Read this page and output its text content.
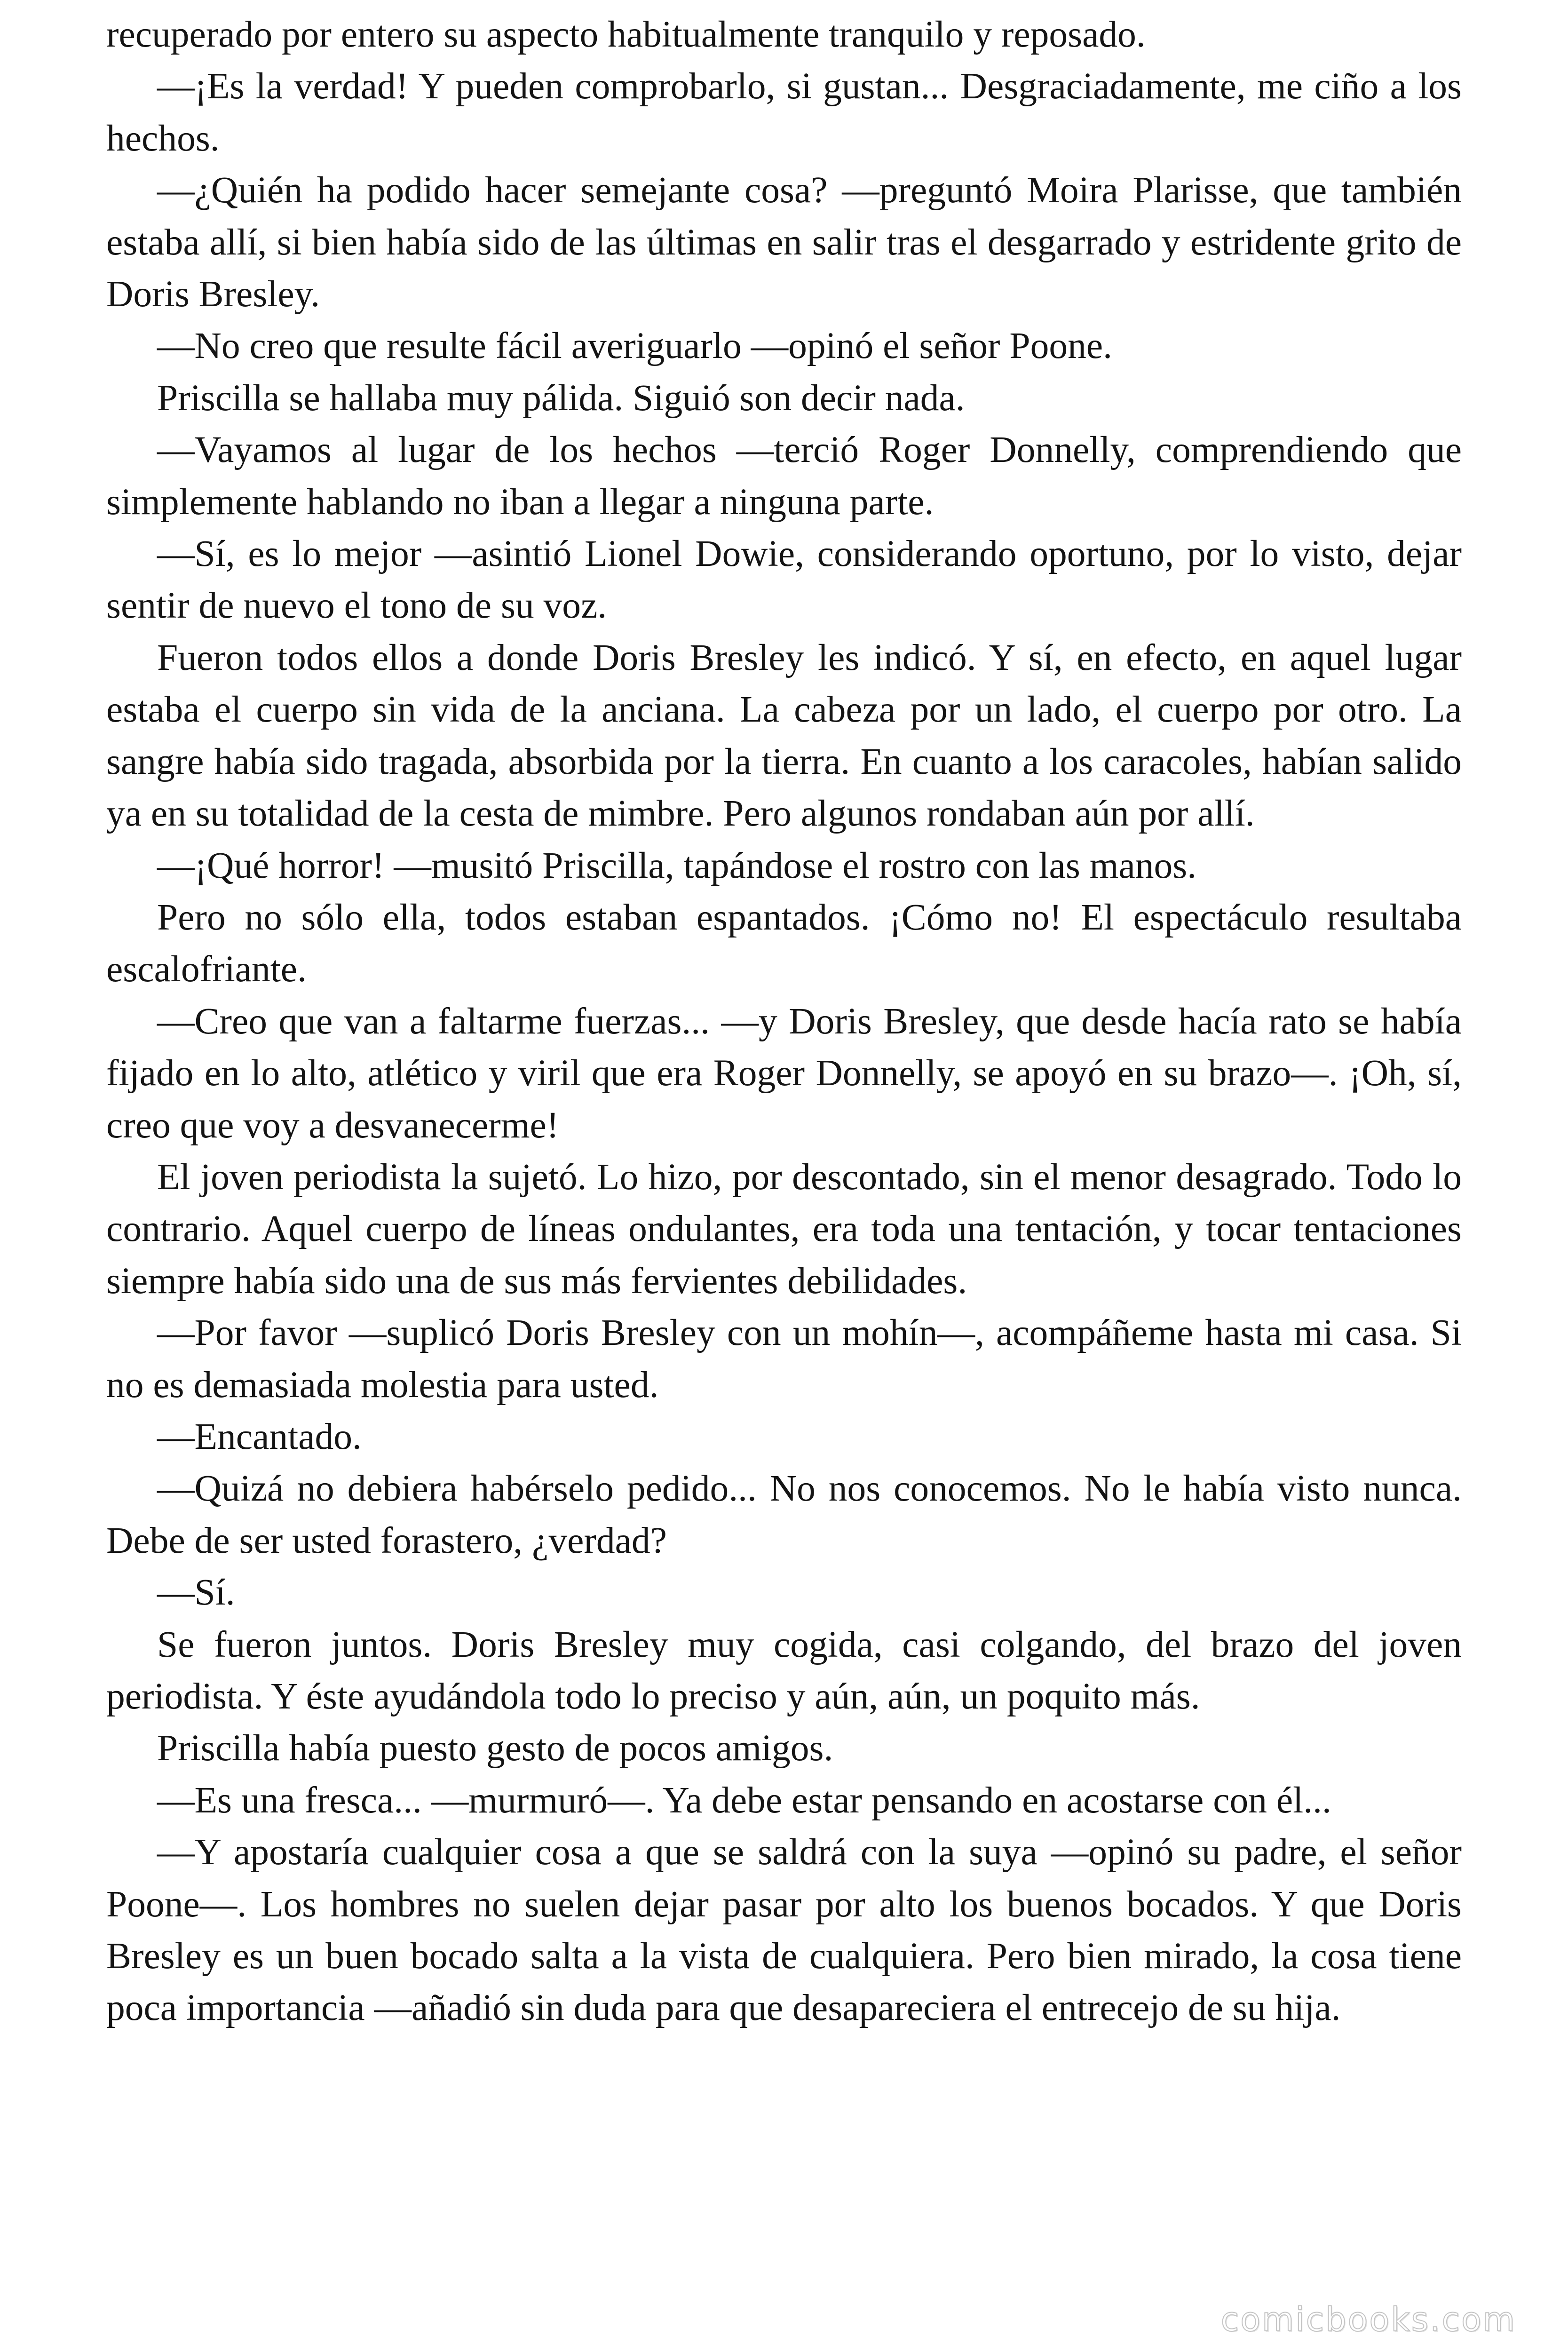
recuperado por entero su aspecto habitualmente tranquilo y reposado.

—¡Es la verdad! Y pueden comprobarlo, si gustan... Desgraciadamente, me ciño a los hechos.

—¿Quién ha podido hacer semejante cosa? —preguntó Moira Plarisse, que también estaba allí, si bien había sido de las últimas en salir tras el desgarrado y estridente grito de Doris Bresley.

—No creo que resulte fácil averiguarlo —opinó el señor Poone.

Priscilla se hallaba muy pálida. Siguió son decir nada.

—Vayamos al lugar de los hechos —terció Roger Donnelly, comprendiendo que simplemente hablando no iban a llegar a ninguna parte.

—Sí, es lo mejor —asintió Lionel Dowie, considerando oportuno, por lo visto, dejar sentir de nuevo el tono de su voz.

Fueron todos ellos a donde Doris Bresley les indicó. Y sí, en efecto, en aquel lugar estaba el cuerpo sin vida de la anciana. La cabeza por un lado, el cuerpo por otro. La sangre había sido tragada, absorbida por la tierra. En cuanto a los caracoles, habían salido ya en su totalidad de la cesta de mimbre. Pero algunos rondaban aún por allí.

—¡Qué horror! —musitó Priscilla, tapándose el rostro con las manos.

Pero no sólo ella, todos estaban espantados. ¡Cómo no! El espectáculo resultaba escalofriante.

—Creo que van a faltarme fuerzas... —y Doris Bresley, que desde hacía rato se había fijado en lo alto, atlético y viril que era Roger Donnelly, se apoyó en su brazo—. ¡Oh, sí, creo que voy a desvanecerme!

El joven periodista la sujetó. Lo hizo, por descontado, sin el menor desagrado. Todo lo contrario. Aquel cuerpo de líneas ondulantes, era toda una tentación, y tocar tentaciones siempre había sido una de sus más fervientes debilidades.

—Por favor —suplicó Doris Bresley con un mohín—, acompáñeme hasta mi casa. Si no es demasiada molestia para usted.

—Encantado.

—Quizá no debiera habérselo pedido... No nos conocemos. No le había visto nunca. Debe de ser usted forastero, ¿verdad?

—Sí.

Se fueron juntos. Doris Bresley muy cogida, casi colgando, del brazo del joven periodista. Y éste ayudándola todo lo preciso y aún, aún, un poquito más.

Priscilla había puesto gesto de pocos amigos.

—Es una fresca... —murmuró—. Ya debe estar pensando en acostarse con él...

—Y apostaría cualquier cosa a que se saldrá con la suya —opinó su padre, el señor Poone—. Los hombres no suelen dejar pasar por alto los buenos bocados. Y que Doris Bresley es un buen bocado salta a la vista de cualquiera. Pero bien mirado, la cosa tiene poca importancia —añadió sin duda para que desapareciera el entrecejo de su hija.

comicbooks.com
